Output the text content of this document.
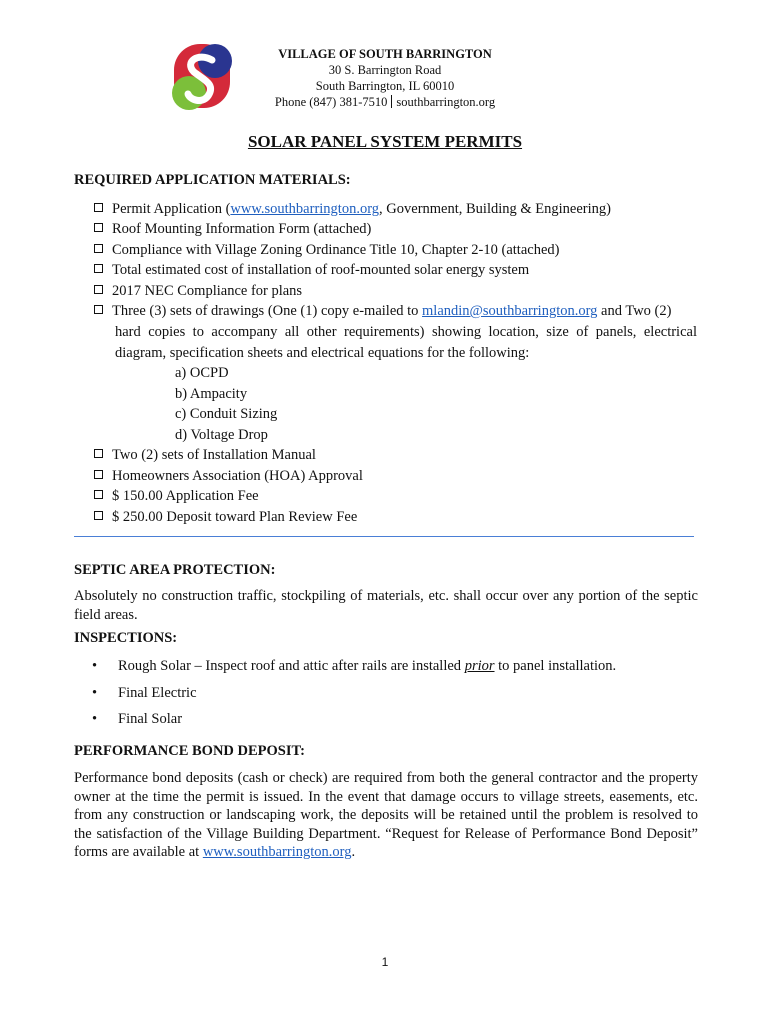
VILLAGE OF SOUTH BARRINGTON
30 S. Barrington Road
South Barrington, IL 60010
Phone (847) 381-7510 southbarrington.org
SOLAR PANEL SYSTEM PERMITS
REQUIRED APPLICATION MATERIALS:
Permit Application (www.southbarrington.org, Government, Building & Engineering)
Roof Mounting Information Form (attached)
Compliance with Village Zoning Ordinance Title 10, Chapter 2-10 (attached)
Total estimated cost of installation of roof-mounted solar energy system
2017 NEC Compliance for plans
Three (3) sets of drawings (One (1) copy e-mailed to mlandin@southbarrington.org and Two (2)
hard copies to accompany all other requirements) showing location, size of panels, electrical
diagram, specification sheets and electrical equations for the following:
a) OCPD
b) Ampacity
c) Conduit Sizing
d) Voltage Drop
Two (2) sets of Installation Manual
Homeowners Association (HOA) Approval
$ 150.00 Application Fee
$ 250.00 Deposit toward Plan Review Fee
SEPTIC AREA PROTECTION:
Absolutely no construction traffic, stockpiling of materials, etc. shall occur over any portion of the septic field areas.
INSPECTIONS:
• Rough Solar – Inspect roof and attic after rails are installed prior to panel installation.
• Final Electric
• Final Solar
PERFORMANCE BOND DEPOSIT:
Performance bond deposits (cash or check) are required from both the general contractor and the property owner at the time the permit is issued. In the event that damage occurs to village streets, easements, etc. from any construction or landscaping work, the deposits will be retained until the problem is resolved to the satisfaction of the Village Building Department. “Request for Release of Performance Bond Deposit” forms are available at www.southbarrington.org.
1
